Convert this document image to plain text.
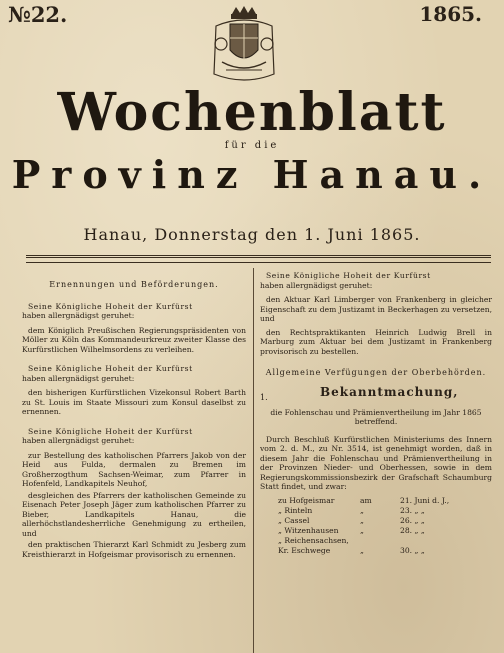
№22.	1865.
Wochenblatt
für die
Provinz Hanau.
Hanau, Donnerstag den 1. Juni 1865.
Ernennungen und Beförderungen.
Seine Königliche Hoheit der Kurfürst
haben allergnädigst geruhet:
dem Königlich Preußischen Regierungspräsidenten von Möller zu Köln das Kommandeurkreuz zweiter Klasse des Kurfürstlichen Wilhelmsordens zu verleihen.
Seine Königliche Hoheit der Kurfürst
haben allergnädigst geruhet:
den bisherigen Kurfürstlichen Vizekonsul Robert Barth zu St. Louis im Staate Missouri zum Konsul daselbst zu ernennen.
Seine Königliche Hoheit der Kurfürst
haben allergnädigst geruhet:
zur Bestellung des katholischen Pfarrers Jakob von der Heid aus Fulda, dermalen zu Bremen im Großherzogthum Sachsen-Weimar, zum Pfarrer in Hofenfeld, Landkapitels Neuhof,
desgleichen des Pfarrers der katholischen Gemeinde zu Eisenach Peter Joseph Jäger zum katholischen Pfarrer zu Bieber, Landkapitels Hanau, die allerhöchstlandesherrliche Genehmigung zu ertheilen, und
den praktischen Thierarzt Karl Schmidt zu Jesberg zum Kreisthierarzt in Hofgeismar provisorisch zu ernennen.
Seine Königliche Hoheit der Kurfürst
haben allergnädigst geruhet:
den Aktuar Karl Limberger von Frankenberg in gleicher Eigenschaft zu dem Justizamt in Beckerhagen zu versetzen, und
den Rechtspraktikanten Heinrich Ludwig Brell in Marburg zum Aktuar bei dem Justizamt in Frankenberg provisorisch zu bestellen.
Allgemeine Verfügungen der Oberbehörden.
1.	Bekanntmachung,
die Fohlenschau und Prämienvertheilung im Jahr 1865 betreffend.
Durch Beschluß Kurfürstlichen Ministeriums des Innern vom 2. d. M., zu Nr. 3514, ist genehmigt worden, daß in diesem Jahr die Fohlenschau und Prämienvertheilung in der Provinzen Nieder- und Oberhessen, sowie in dem Regierungskommissionsbezirk der Grafschaft Schaumburg Statt findet, und zwar:
zu Hofgeismar	am	21. Juni d. J.,
„ Rinteln	„	23. „ „
„ Cassel	„	26. „ „
„ Witzenhausen	„	28. „ „
„ Reichensachsen,
Kr. Eschwege	„	30. „ „
